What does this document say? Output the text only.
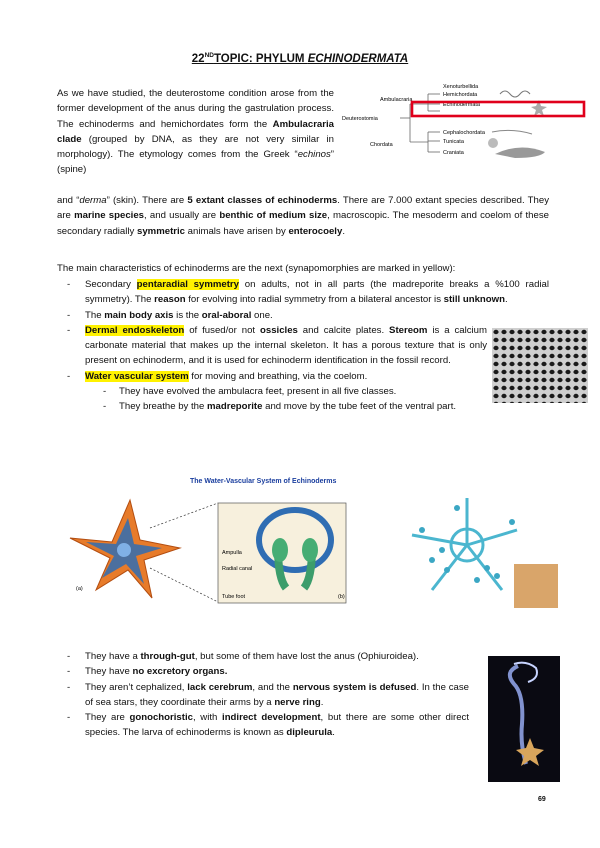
22NDTOPIC: PHYLUM ECHINODERMATA
As we have studied, the deuterostome condition arose from the former development of the anus during the gastrulation process. The echinoderms and hemichordates form the Ambulacraria clade (grouped by DNA, as they are not very similar in morphology). The etymology comes from the Greek “echinos” (spine)
Ambulacraria
Deuterostomia
Chordata
Xenoturbellida
Hemichordata
Echinodermata
Cephalochordata
Tunicata
Craniata
and “derma” (skin). There are 5 extant classes of echinoderms. There are 7.000 extant species described. They are marine species, and usually are benthic of medium size, macroscopic. The mesoderm and coelom of these secondary radially symmetric animals have arisen by enterocoely.
The main characteristics of echinoderms are the next (synapomorphies are marked in yellow):
- Secondary pentaradial symmetry on adults, not in all parts (the madreporite breaks a %100 radial symmetry). The reason for evolving into radial symmetry from a bilateral ancestor is still unknown.
- The main body axis is the oral-aboral one.
- Dermal endoskeleton of fused/or not ossicles and calcite plates. Stereom is a calcium carbonate material that makes up the internal skeleton. It has a porous texture that is only present on echinoderm, and it is used for echinoderm identification in the fossil record.
- Water vascular system for moving and breathing, via the coelom.
- They have evolved the ambulacra feet, present in all five classes.
- They breathe by the madreporite and move by the tube feet of the ventral part.
The Water-Vascular System of Echinoderms
Ampulla
Radial canal
Tube foot
(a)
(b)
- They have a through-gut, but some of them have lost the anus (Ophiuroidea).
- They have no excretory organs.
- They aren’t cephalized, lack cerebrum, and the nervous system is defused. In the case of sea stars, they coordinate their arms by a nerve ring.
- They are gonochoristic, with indirect development, but there are some other direct species. The larva of echinoderms is known as dipleurula.
69
